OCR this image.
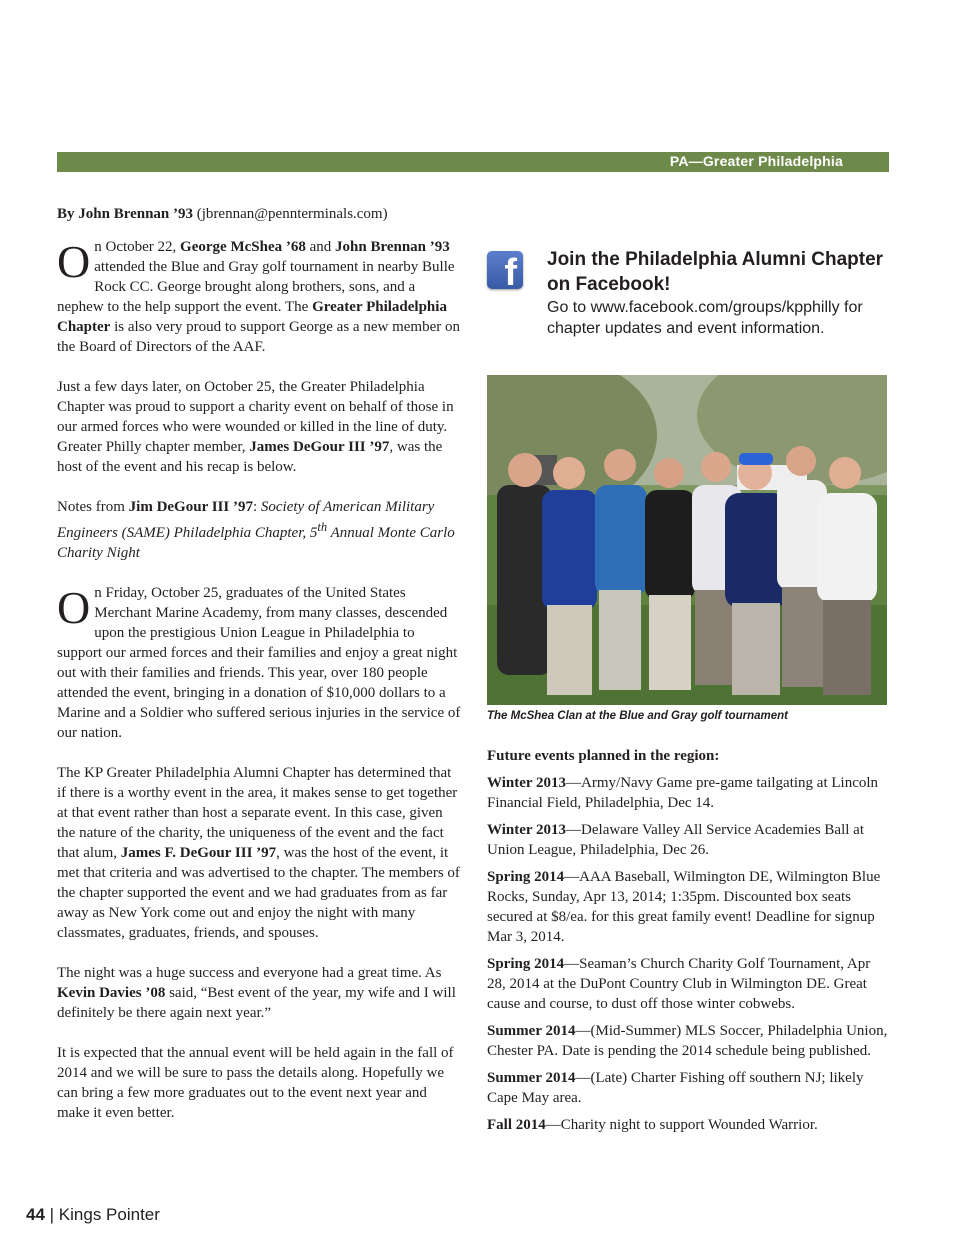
PA—Greater Philadelphia

By John Brennan ’93 (jbrennan@pennterminals.com)

On October 22, George McShea ’68 and John Brennan ’93 attended the Blue and Gray golf tournament in nearby Bulle Rock CC. George brought along brothers, sons, and a nephew to the help support the event. The Greater Philadelphia Chapter is also very proud to support George as a new member on the Board of Directors of the AAF.

Just a few days later, on October 25, the Greater Philadelphia Chapter was proud to support a charity event on behalf of those in our armed forces who were wounded or killed in the line of duty. Greater Philly chapter member, James DeGour III ’97, was the host of the event and his recap is below.

Notes from Jim DeGour III ’97: Society of American Military Engineers (SAME) Philadelphia Chapter, 5th Annual Monte Carlo Charity Night

On Friday, October 25, graduates of the United States Merchant Marine Academy, from many classes, descended upon the prestigious Union League in Philadelphia to support our armed forces and their families and enjoy a great night out with their families and friends. This year, over 180 people attended the event, bringing in a donation of $10,000 dollars to a Marine and a Soldier who suffered serious injuries in the service of our nation.

The KP Greater Philadelphia Alumni Chapter has determined that if there is a worthy event in the area, it makes sense to get together at that event rather than host a separate event. In this case, given the nature of the charity, the uniqueness of the event and the fact that alum, James F. DeGour III ’97, was the host of the event, it met that criteria and was advertised to the chapter. The members of the chapter supported the event and we had graduates from as far away as New York come out and enjoy the night with many classmates, graduates, friends, and spouses.

The night was a huge success and everyone had a great time. As Kevin Davies ’08 said, “Best event of the year, my wife and I will definitely be there again next year.”

It is expected that the annual event will be held again in the fall of 2014 and we will be sure to pass the details along. Hopefully we can bring a few more graduates out to the event next year and make it even better.

f Join the Philadelphia Alumni Chapter on Facebook!
Go to www.facebook.com/groups/kpphilly for chapter updates and event information.
The McShea Clan at the Blue and Gray golf tournament

Future events planned in the region:

Winter 2013—Army/Navy Game pre-game tailgating at Lincoln Financial Field, Philadelphia, Dec 14.

Winter 2013—Delaware Valley All Service Academies Ball at Union League, Philadelphia, Dec 26.

Spring 2014—AAA Baseball, Wilmington DE, Wilmington Blue Rocks, Sunday, Apr 13, 2014; 1:35pm. Discounted box seats secured at $8/ea. for this great family event! Deadline for signup Mar 3, 2014.

Spring 2014—Seaman’s Church Charity Golf Tournament, Apr 28, 2014 at the DuPont Country Club in Wilmington DE. Great cause and course, to dust off those winter cobwebs.

Summer 2014—(Mid-Summer) MLS Soccer, Philadelphia Union, Chester PA. Date is pending the 2014 schedule being published.

Summer 2014—(Late) Charter Fishing off southern NJ; likely Cape May area.

Fall 2014—Charity night to support Wounded Warrior.

44 | Kings Pointer
